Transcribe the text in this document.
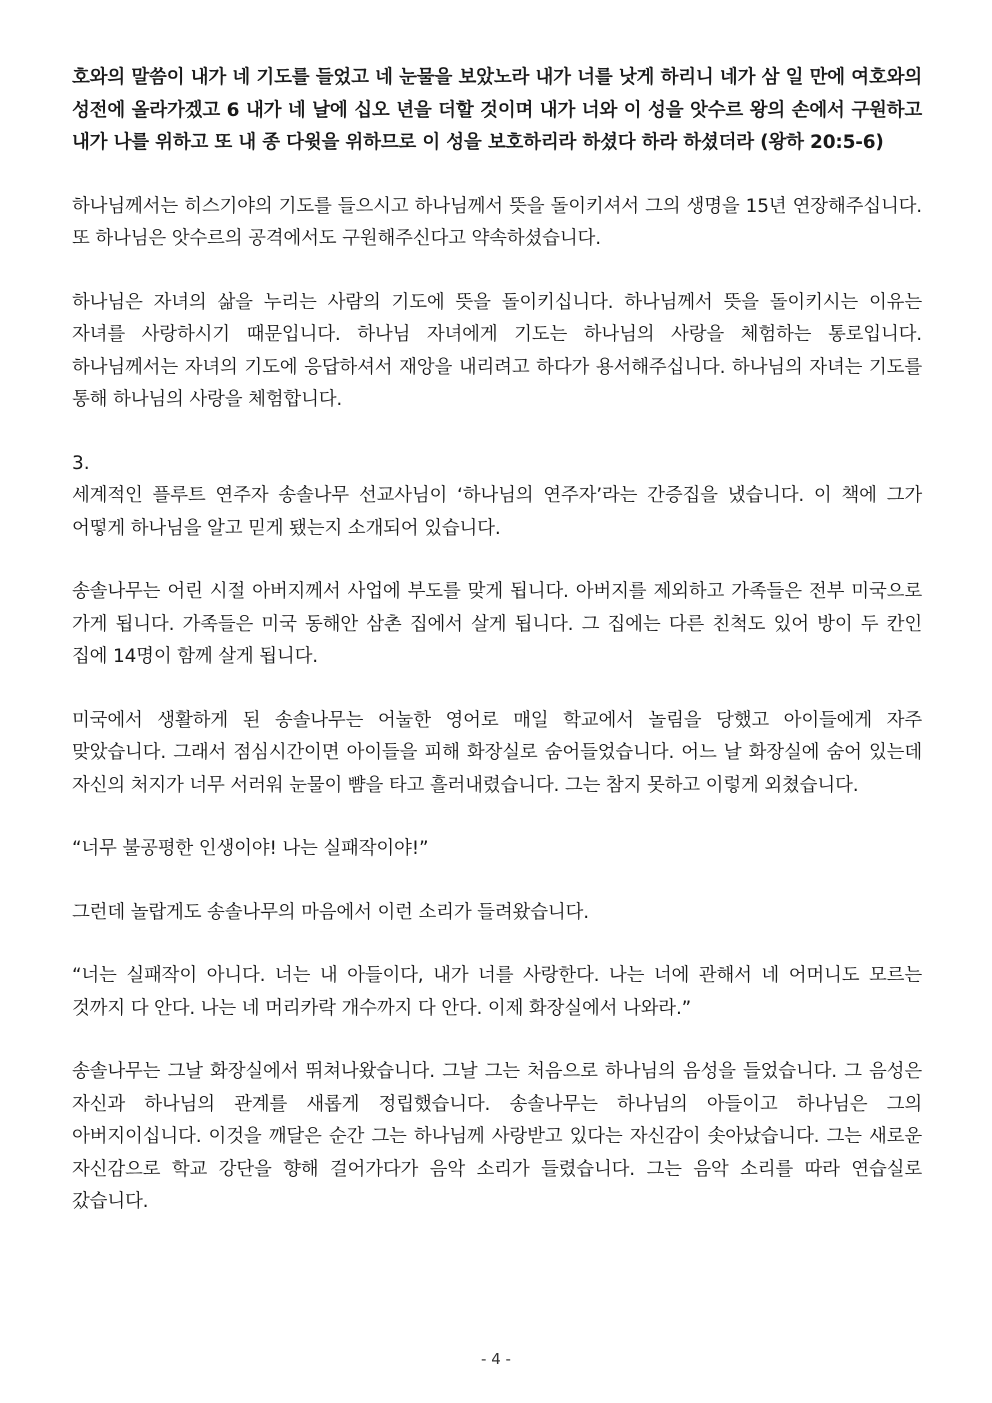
호와의 말씀이 내가 네 기도를 들었고 네 눈물을 보았노라 내가 너를 낫게 하리니 네가 삼 일 만에 여호와의 성전에 올라가겠고 6 내가 네 날에 십오 년을 더할 것이며 내가 너와 이 성을 앗수르 왕의 손에서 구원하고 내가 나를 위하고 또 내 종 다윗을 위하므로 이 성을 보호하리라 하셨다 하라 하셨더라 (왕하 20:5-6)

하나님께서는 히스기야의 기도를 들으시고 하나님께서 뜻을 돌이키셔서 그의 생명을 15년 연장해주십니다. 또 하나님은 앗수르의 공격에서도 구원해주신다고 약속하셨습니다.

하나님은 자녀의 삶을 누리는 사람의 기도에 뜻을 돌이키십니다. 하나님께서 뜻을 돌이키시는 이유는 자녀를 사랑하시기 때문입니다. 하나님 자녀에게 기도는 하나님의 사랑을 체험하는 통로입니다. 하나님께서는 자녀의 기도에 응답하셔서 재앙을 내리려고 하다가 용서해주십니다. 하나님의 자녀는 기도를 통해 하나님의 사랑을 체험합니다.

3.

세계적인 플루트 연주자 송솔나무 선교사님이 ‘하나님의 연주자’라는 간증집을 냈습니다. 이 책에 그가 어떻게 하나님을 알고 믿게 됐는지 소개되어 있습니다.

송솔나무는 어린 시절 아버지께서 사업에 부도를 맞게 됩니다. 아버지를 제외하고 가족들은 전부 미국으로 가게 됩니다. 가족들은 미국 동해안 삼촌 집에서 살게 됩니다. 그 집에는 다른 친척도 있어 방이 두 칸인 집에 14명이 함께 살게 됩니다.

미국에서 생활하게 된 송솔나무는 어눌한 영어로 매일 학교에서 놀림을 당했고 아이들에게 자주 맞았습니다. 그래서 점심시간이면 아이들을 피해 화장실로 숨어들었습니다. 어느 날 화장실에 숨어 있는데 자신의 처지가 너무 서러워 눈물이 뺨을 타고 흘러내렸습니다. 그는 참지 못하고 이렇게 외쳤습니다.

“너무 불공평한 인생이야! 나는 실패작이야!”

그런데 놀랍게도 송솔나무의 마음에서 이런 소리가 들려왔습니다.

“너는 실패작이 아니다. 너는 내 아들이다, 내가 너를 사랑한다. 나는 너에 관해서 네 어머니도 모르는 것까지 다 안다. 나는 네 머리카락 개수까지 다 안다. 이제 화장실에서 나와라.”

송솔나무는 그날 화장실에서 뛰쳐나왔습니다. 그날 그는 처음으로 하나님의 음성을 들었습니다. 그 음성은 자신과 하나님의 관계를 새롭게 정립했습니다. 송솔나무는 하나님의 아들이고 하나님은 그의 아버지이십니다. 이것을 깨달은 순간 그는 하나님께 사랑받고 있다는 자신감이 솟아났습니다. 그는 새로운 자신감으로 학교 강단을 향해 걸어가다가 음악 소리가 들렸습니다. 그는 음악 소리를 따라 연습실로 갔습니다.

- 4 -
